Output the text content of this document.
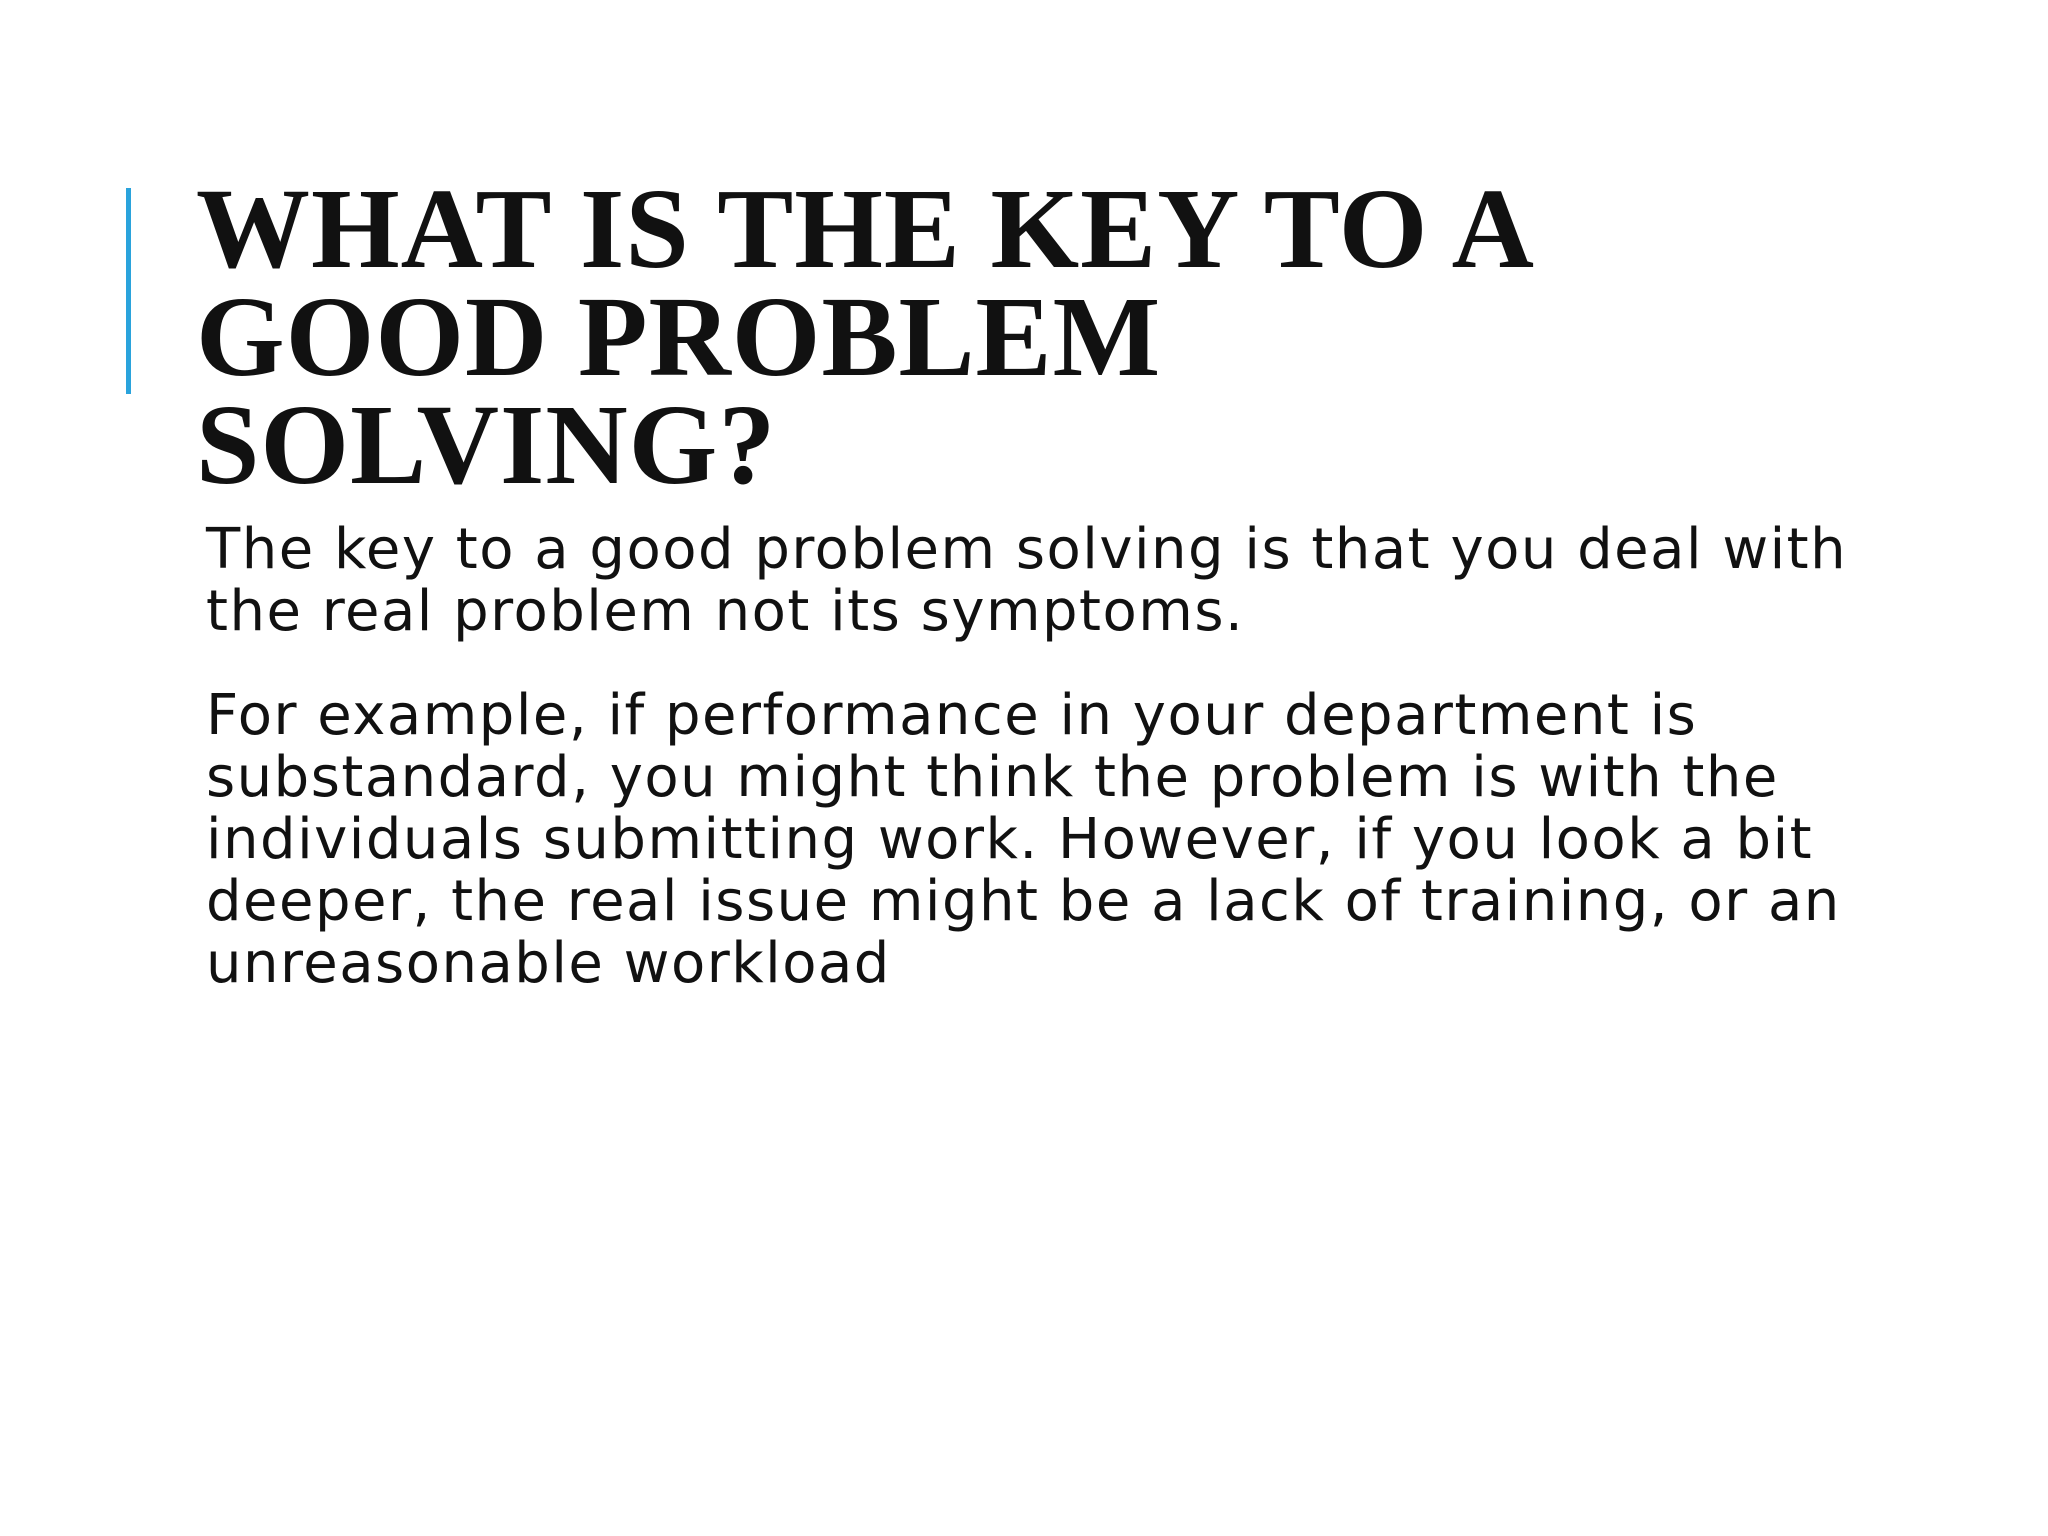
WHAT IS THE KEY TO A
GOOD PROBLEM
SOLVING?

The key to a good problem solving is that you deal with
the real problem not its symptoms.

For example, if performance in your department is
substandard, you might think the problem is with the
individuals submitting work. However, if you look a bit
deeper, the real issue might be a lack of training, or an
unreasonable workload
